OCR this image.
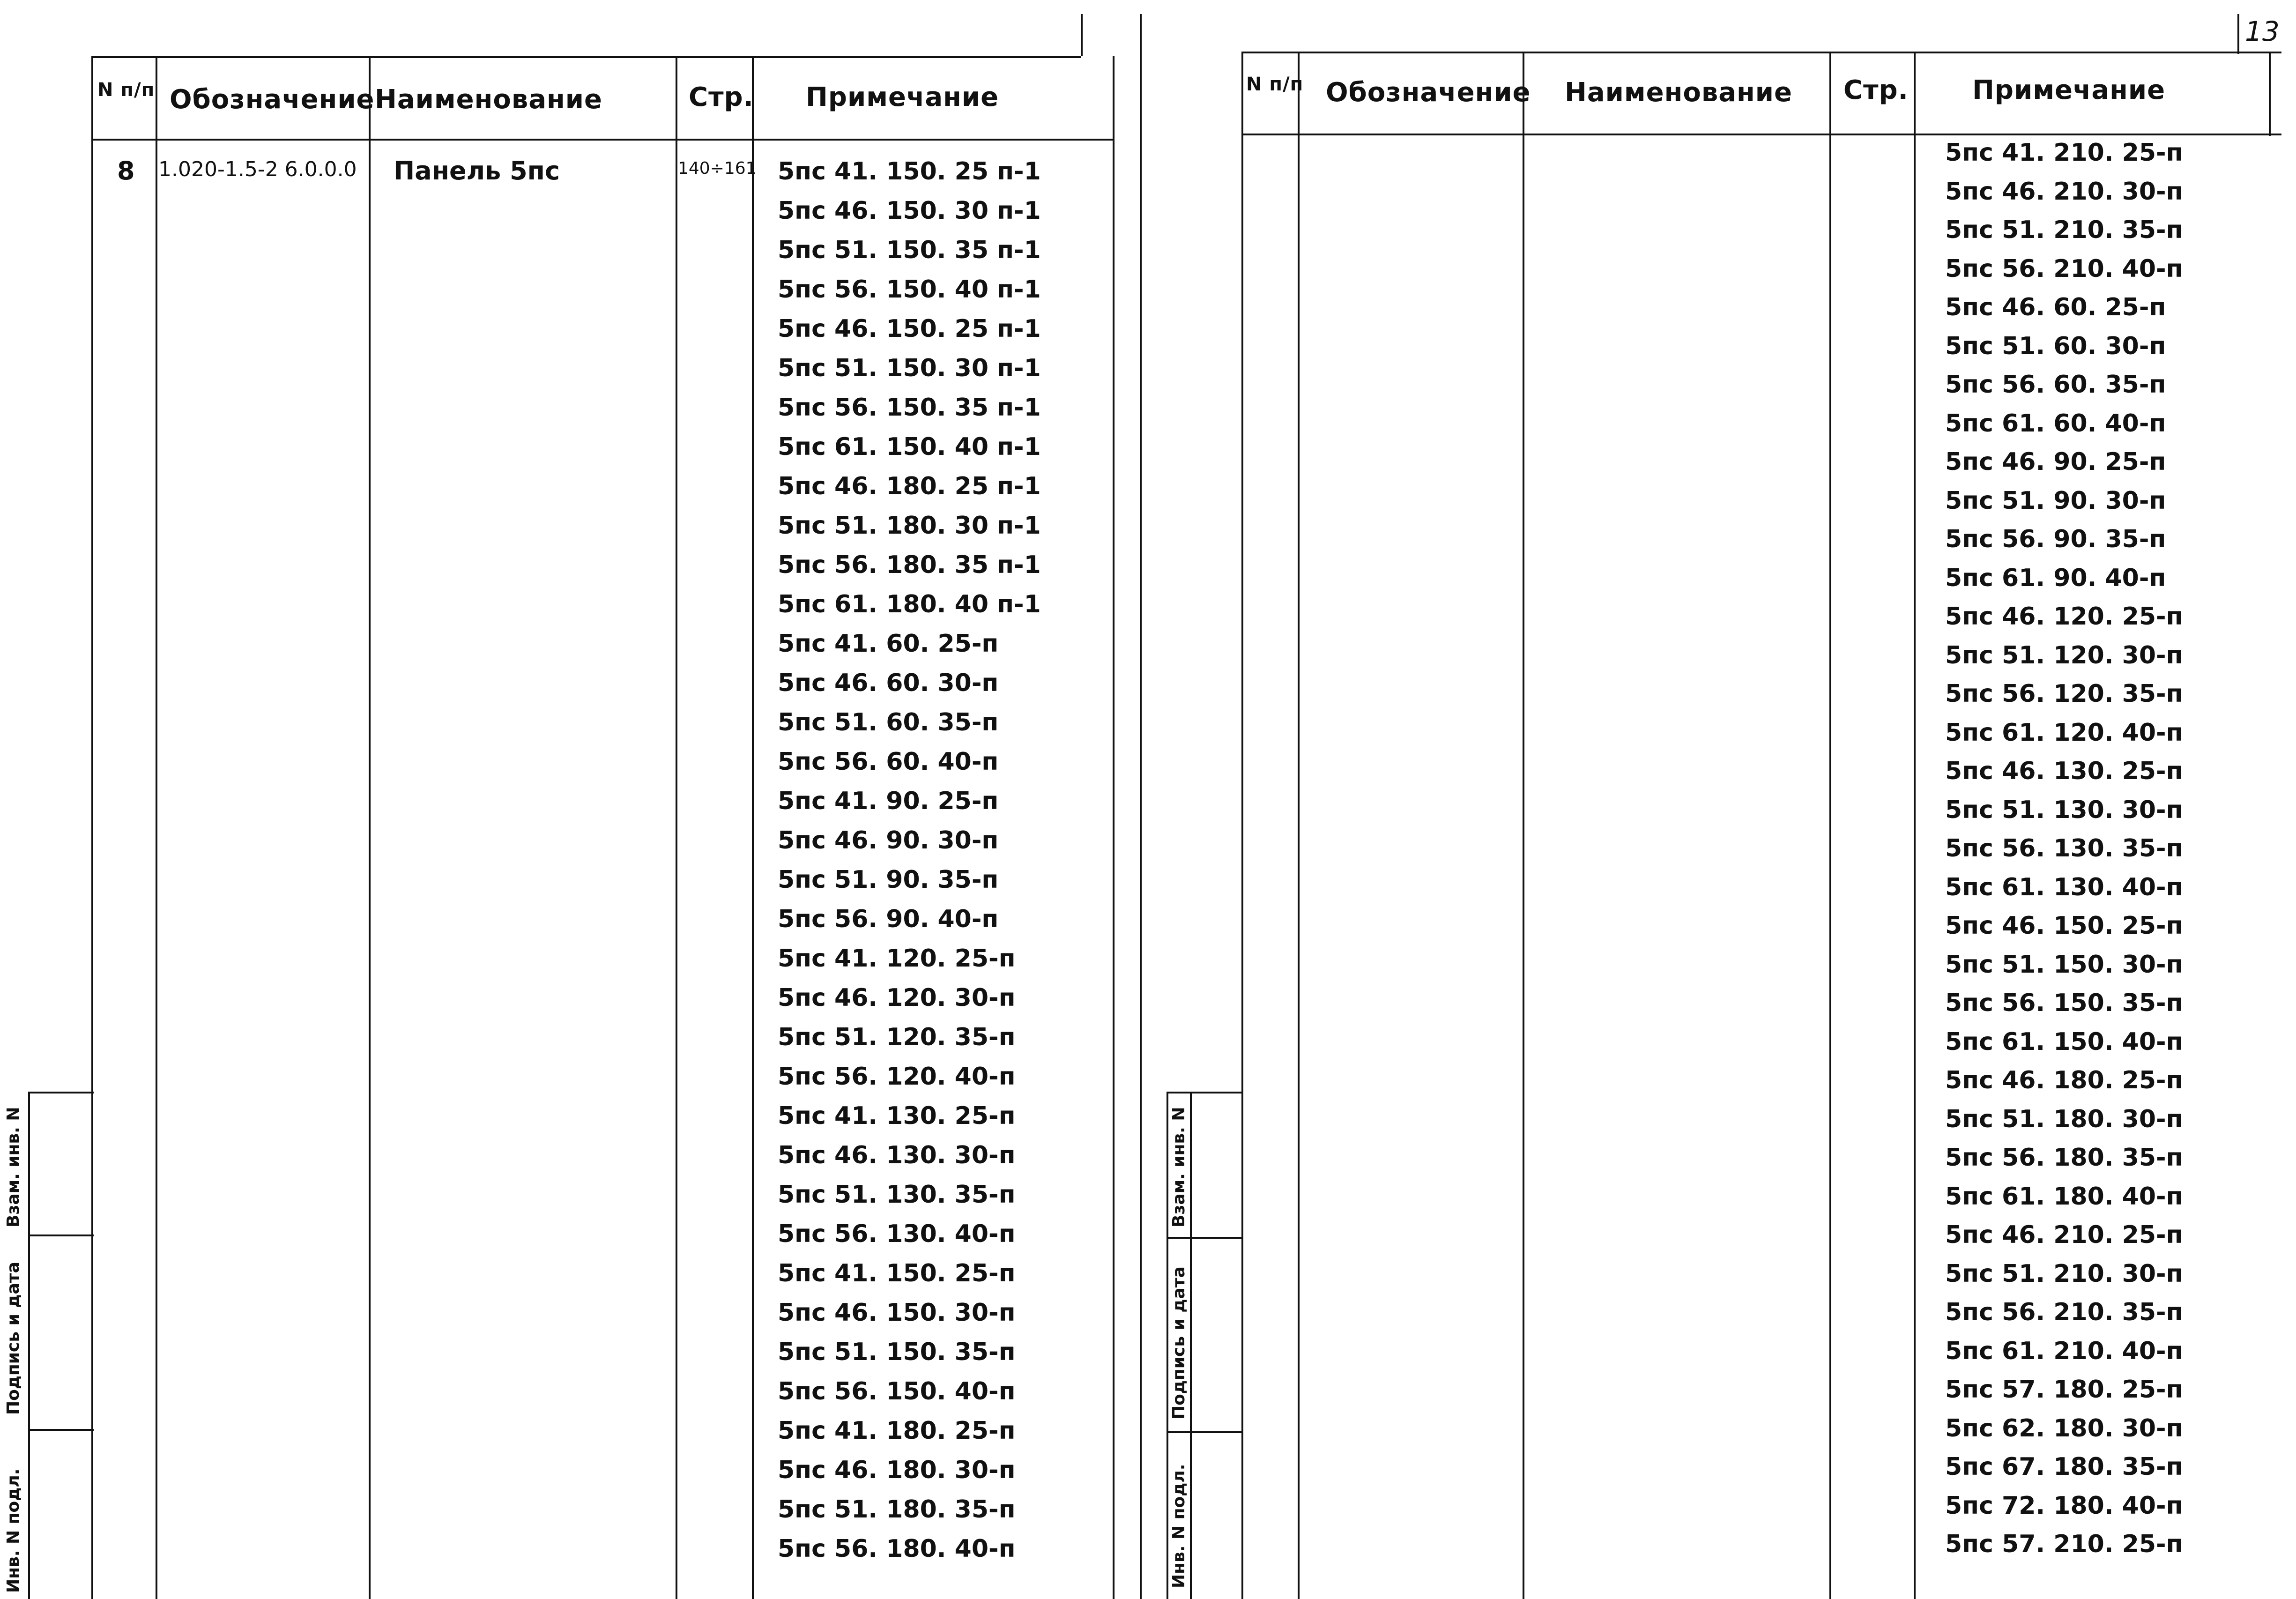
13
N п/п Обозначение Наименование	Стр. Примечание
8 1.020-1.5-2 6.0.0.0 Панель 5пс	140÷161 5пс 41. 150. 25 п-1
5пс 46. 150. 30 п-1
5пс 51. 150. 35 п-1
5пс 56. 150. 40 п-1
5пс 46. 150. 25 п-1
5пс 51. 150. 30 п-1
5пс 56. 150. 35 п-1
5пс 61. 150. 40 п-1
5пс 46. 180. 25 п-1
5пс 51. 180. 30 п-1
5пс 56. 180. 35 п-1
5пс 61. 180. 40 п-1
5пс 41. 60. 25-п
5пс 46. 60. 30-п
5пс 51. 60. 35-п
5пс 56. 60. 40-п
5пс 41. 90. 25-п
5пс 46. 90. 30-п
5пс 51. 90. 35-п
5пс 56. 90. 40-п
5пс 41. 120. 25-п
5пс 46. 120. 30-п
5пс 51. 120. 35-п
5пс 56. 120. 40-п
5пс 41. 130. 25-п
5пс 46. 130. 30-п
5пс 51. 130. 35-п
5пс 56. 130. 40-п
5пс 41. 150. 25-п
5пс 46. 150. 30-п
5пс 51. 150. 35-п
5пс 56. 150. 40-п
5пс 41. 180. 25-п
5пс 46. 180. 30-п
5пс 51. 180. 35-п
5пс 56. 180. 40-п
Взам. инв. N
Подпись и дата
Инв. N подл.
N п/п Обозначение Наименование Стр. Примечание
5пс 41. 210. 25-п
5пс 46. 210. 30-п
5пс 51. 210. 35-п
5пс 56. 210. 40-п
5пс 46. 60. 25-п
5пс 51. 60. 30-п
5пс 56. 60. 35-п
5пс 61. 60. 40-п
5пс 46. 90. 25-п
5пс 51. 90. 30-п
5пс 56. 90. 35-п
5пс 61. 90. 40-п
5пс 46. 120. 25-п
5пс 51. 120. 30-п
5пс 56. 120. 35-п
5пс 61. 120. 40-п
5пс 46. 130. 25-п
5пс 51. 130. 30-п
5пс 56. 130. 35-п
5пс 61. 130. 40-п
5пс 46. 150. 25-п
5пс 51. 150. 30-п
5пс 56. 150. 35-п
5пс 61. 150. 40-п
5пс 46. 180. 25-п
5пс 51. 180. 30-п
5пс 56. 180. 35-п
5пс 61. 180. 40-п
5пс 46. 210. 25-п
5пс 51. 210. 30-п
5пс 56. 210. 35-п
5пс 61. 210. 40-п
5пс 57. 180. 25-п
5пс 62. 180. 30-п
5пс 67. 180. 35-п
5пс 72. 180. 40-п
5пс 57. 210. 25-п
Взам. инв. N
Подпись и дата
Инв. N подл.
